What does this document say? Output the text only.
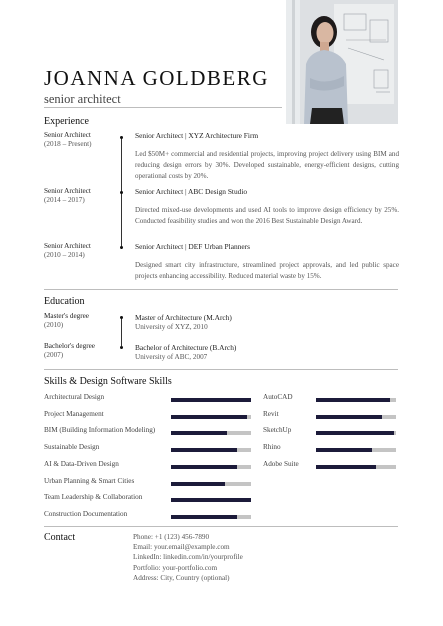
JOANNA GOLDBERG
senior architect
Experience
Senior Architect
(2018 – Present)
Senior Architect | XYZ Architecture Firm
Led $50M+ commercial and residential projects, improving project delivery using BIM and reducing design errors by 30%. Developed sustainable, energy-efficient designs, cutting operational costs by 20%.
Senior Architect
(2014 – 2017)
Senior Architect | ABC Design Studio
Directed mixed-use developments and used AI tools to improve design efficiency by 25%. Conducted feasibility studies and won the 2016 Best Sustainable Design Award.
Senior Architect
(2010 – 2014)
Senior Architect | DEF Urban Planners
Designed smart city infrastructure, streamlined project approvals, and led public space projects enhancing accessibility. Reduced material waste by 15%.
Education
Master's degree
(2010)
Master of Architecture (M.Arch)
University of XYZ, 2010
Bachelor's degree
(2007)
Bachelor of Architecture (B.Arch)
University of ABC, 2007
Skills & Design Software Skills
Architectural Design
Project Management
BIM (Building Information Modeling)
Sustainable Design
AI & Data-Driven Design
Urban Planning & Smart Cities
Team Leadership & Collaboration
Construction Documentation
AutoCAD
Revit
SketchUp
Rhino
Adobe Suite
Contact	Phone: +1 (123) 456-7890
Email: your.email@example.com
LinkedIn: linkedin.com/in/yourprofile
Portfolio: your-portfolio.com
Address: City, Country (optional)
